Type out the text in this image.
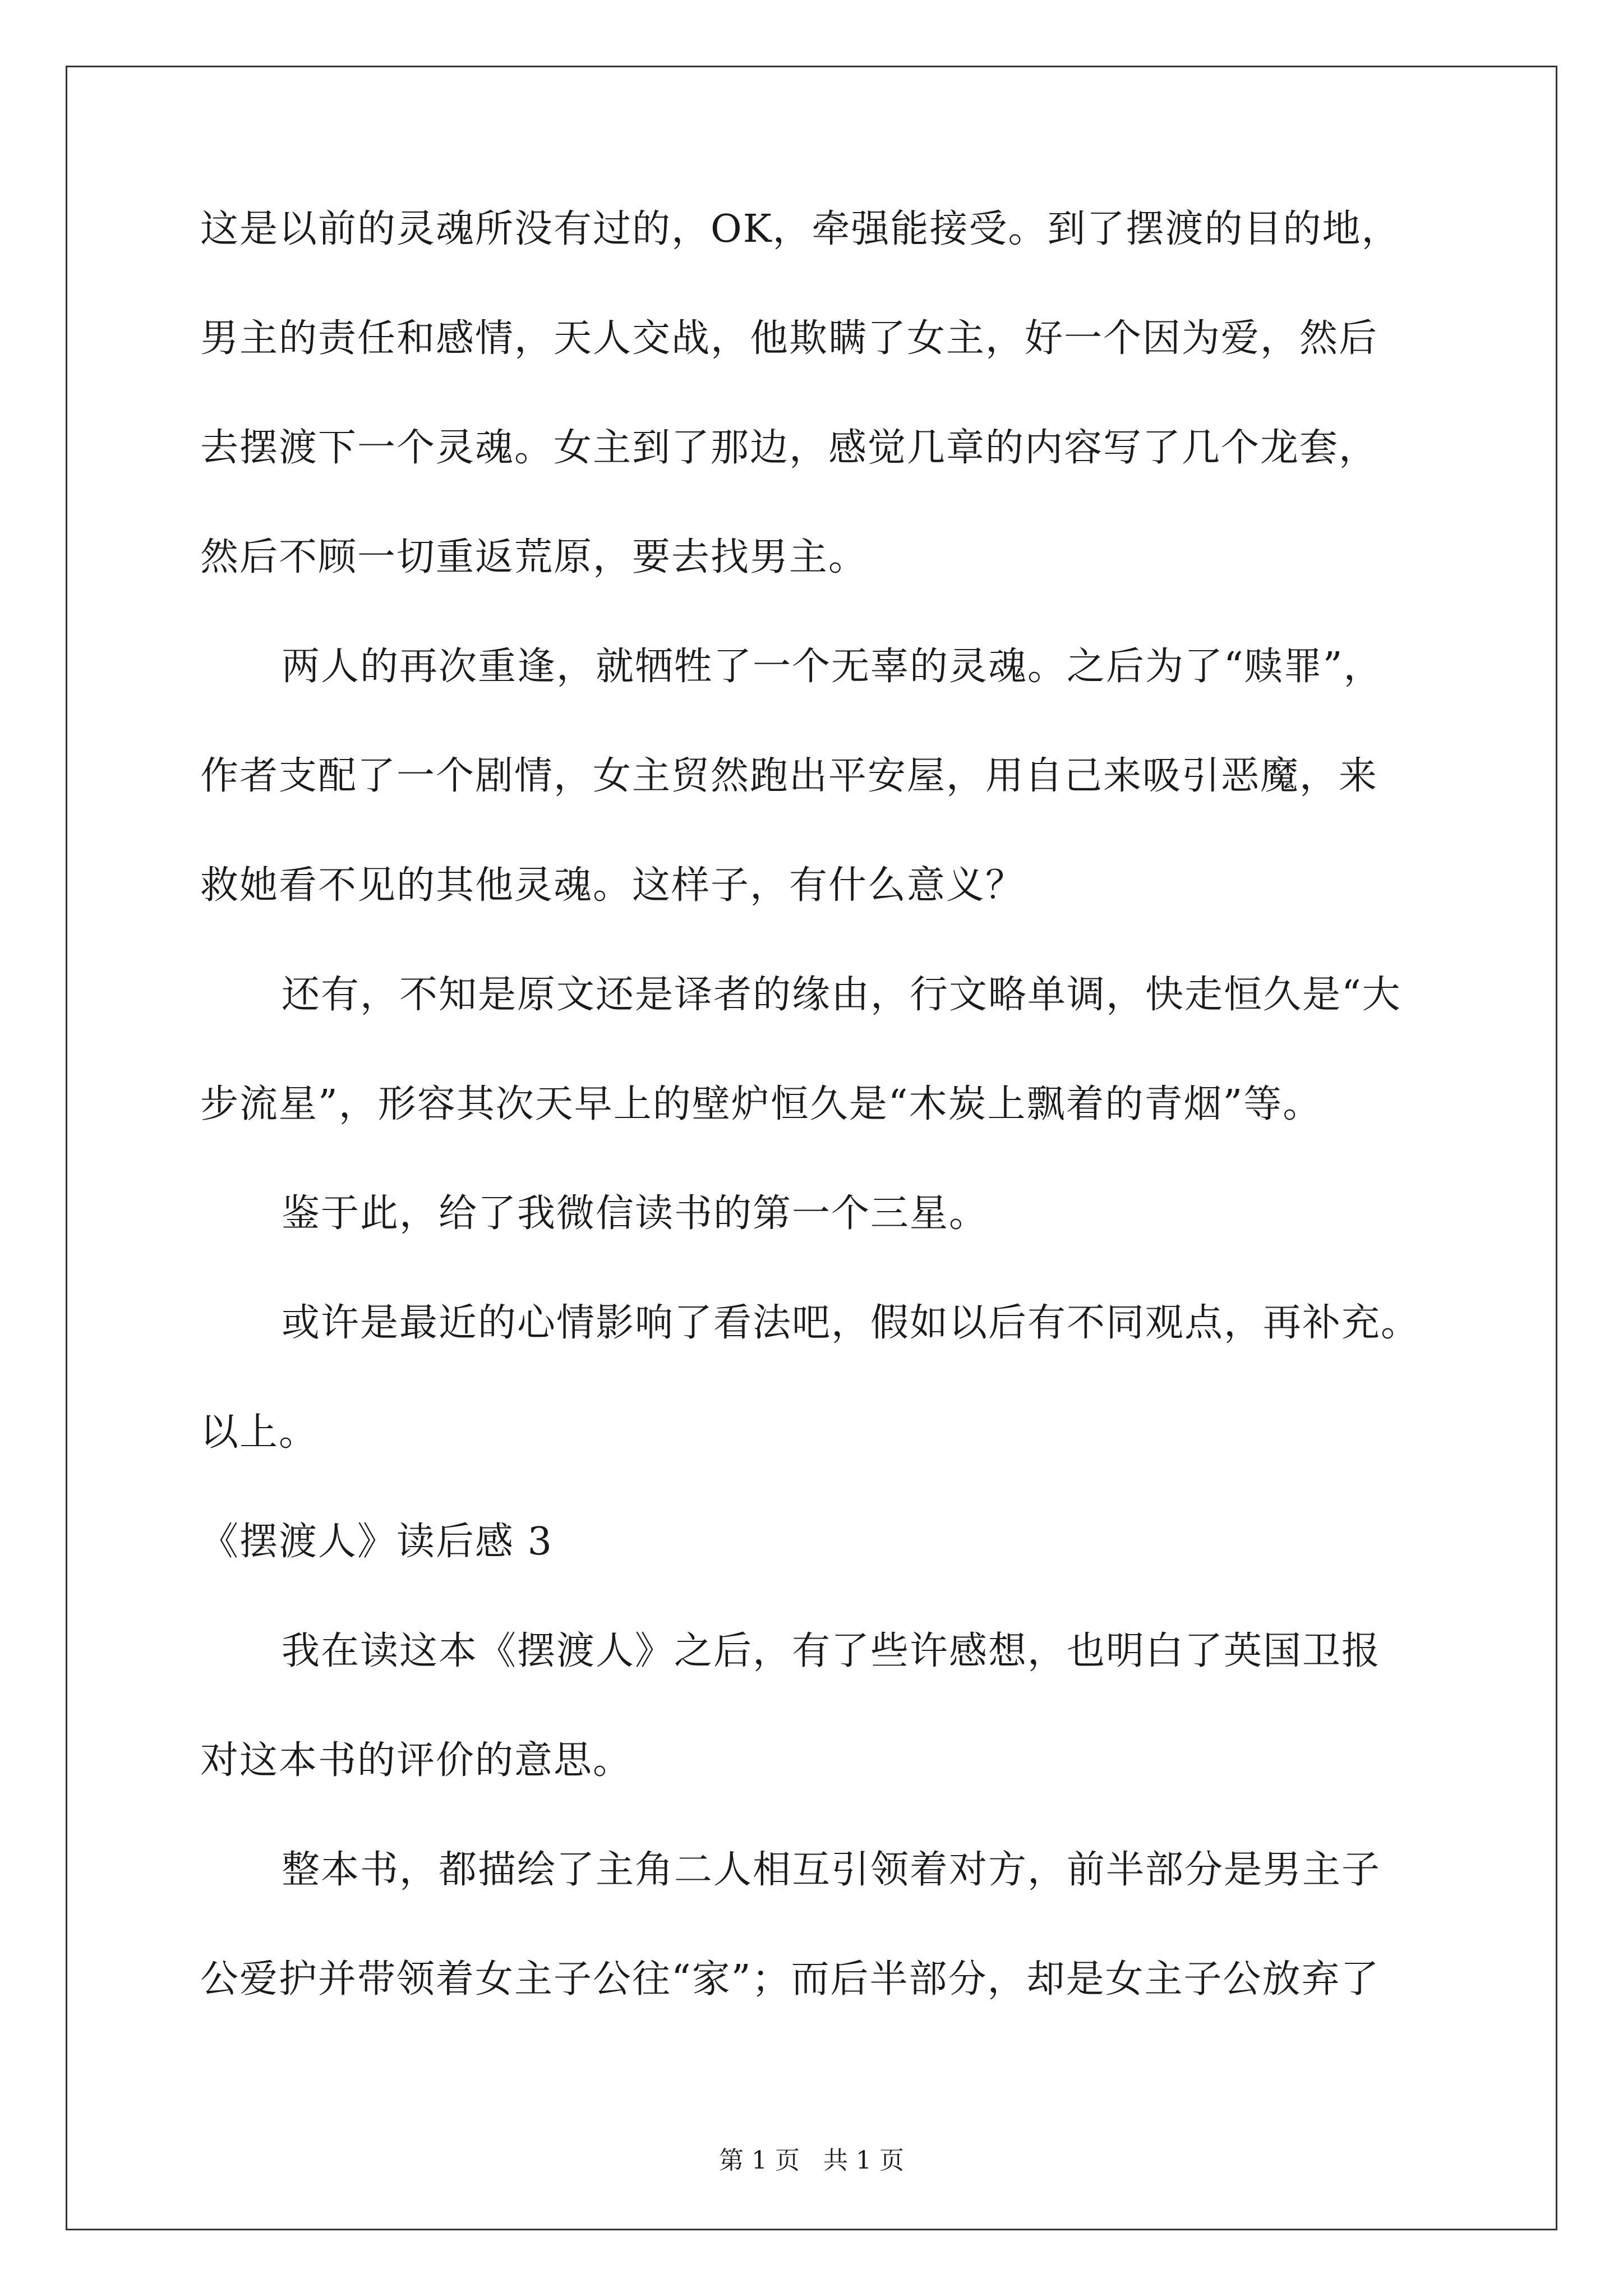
这是以前的灵魂所没有过的，OK，牵强能接受。到了摆渡的目的地，

男主的责任和感情，天人交战，他欺瞒了女主，好一个因为爱，然后

去摆渡下一个灵魂。女主到了那边，感觉几章的内容写了几个龙套，

然后不顾一切重返荒原，要去找男主。

两人的再次重逢，就牺牲了一个无辜的灵魂。之后为了“赎罪”，

作者支配了一个剧情，女主贸然跑出平安屋，用自己来吸引恶魔，来

救她看不见的其他灵魂。这样子，有什么意义？

还有，不知是原文还是译者的缘由，行文略单调，快走恒久是“大

步流星”，形容其次天早上的壁炉恒久是“木炭上飘着的青烟”等。

鉴于此，给了我微信读书的第一个三星。

或许是最近的心情影响了看法吧，假如以后有不同观点，再补充。

以上。

《摆渡人》读后感 3

我在读这本《摆渡人》之后，有了些许感想，也明白了英国卫报

对这本书的评价的意思。

整本书，都描绘了主角二人相互引领着对方，前半部分是男主子

公爱护并带领着女主子公往“家”；而后半部分，却是女主子公放弃了

第 1 页 共 1 页
